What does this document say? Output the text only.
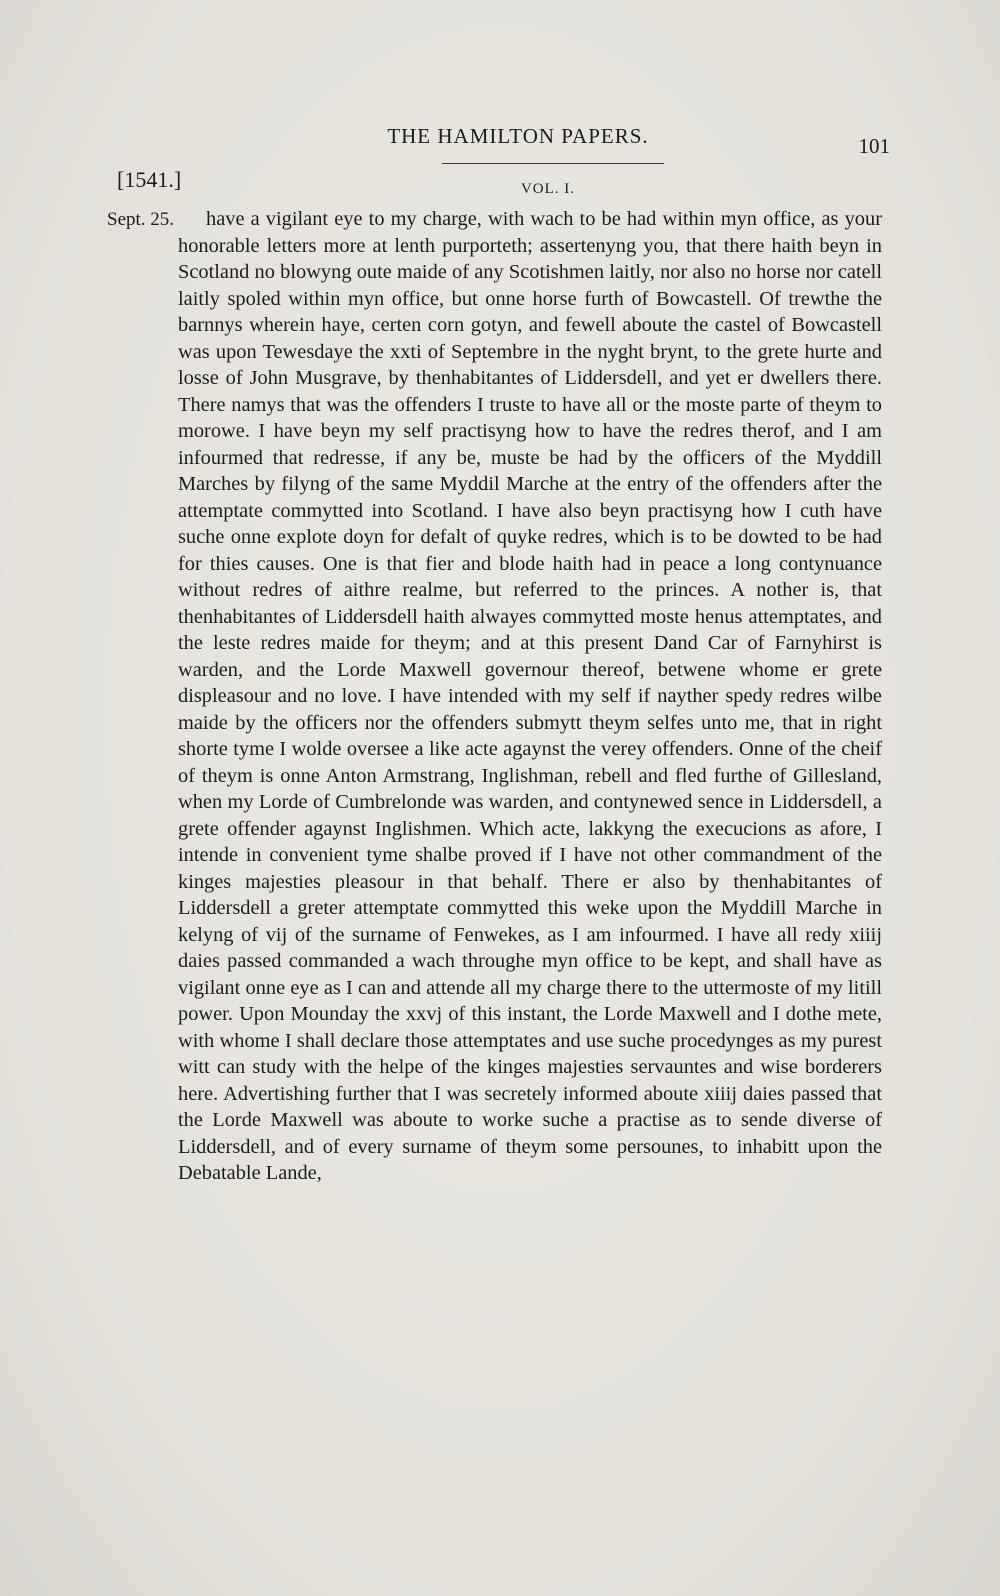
THE HAMILTON PAPERS.	101
[1541.]	VOL. I.
Sept. 25.	have a vigilant eye to my charge, with wach to be had within myn office, as your honorable letters more at lenth purporteth; assertenyng you, that there haith beyn in Scotland no blowyng oute maide of any Scotishmen laitly, nor also no horse nor catell laitly spoled within myn office, but onne horse furth of Bowcastell. Of trewthe the barnnys wherein haye, certen corn gotyn, and fewell aboute the castel of Bowcastell was upon Tewesdaye the xxti of Septembre in the nyght brynt, to the grete hurte and losse of John Musgrave, by thenhabitantes of Liddersdell, and yet er dwellers there. There namys that was the offenders I truste to have all or the moste parte of theym to morowe. I have beyn my self practisyng how to have the redres therof, and I am infourmed that redresse, if any be, muste be had by the officers of the Myddill Marches by filyng of the same Myddil Marche at the entry of the offenders after the attemptate commytted into Scotland. I have also beyn practisyng how I cuth have suche onne explote doyn for defalt of quyke redres, which is to be dowted to be had for thies causes. One is that fier and blode haith had in peace a long contynuance without redres of aithre realme, but referred to the princes. A nother is, that thenhabitantes of Liddersdell haith alwayes commytted moste henus attemptates, and the leste redres maide for theym; and at this present Dand Car of Farnyhirst is warden, and the Lorde Maxwell governour thereof, betwene whome er grete displeasour and no love. I have intended with my self if nayther spedy redres wilbe maide by the officers nor the offenders submytt theym selfes unto me, that in right shorte tyme I wolde oversee a like acte agaynst the verey offenders. Onne of the cheif of theym is onne Anton Armstrang, Inglishman, rebell and fled furthe of Gillesland, when my Lorde of Cumbrelonde was warden, and contynewed sence in Liddersdell, a grete offender agaynst Inglishmen. Which acte, lakkyng the execucions as afore, I intende in convenient tyme shalbe proved if I have not other commandment of the kinges majesties pleasour in that behalf. There er also by thenhabitantes of Liddersdell a greter attemptate commytted this weke upon the Myddill Marche in kelyng of vij of the surname of Fenwekes, as I am infourmed. I have all redy xiiij daies passed commanded a wach throughe myn office to be kept, and shall have as vigilant onne eye as I can and attende all my charge there to the uttermoste of my litill power. Upon Mounday the xxvj of this instant, the Lorde Maxwell and I dothe mete, with whome I shall declare those attemptates and use suche procedynges as my purest witt can study with the helpe of the kinges majesties servauntes and wise borderers here. Advertishing further that I was secretely informed aboute xiiij daies passed that the Lorde Maxwell was aboute to worke suche a practise as to sende diverse of Liddersdell, and of every surname of theym some persounes, to inhabitt upon the Debatable Lande,
